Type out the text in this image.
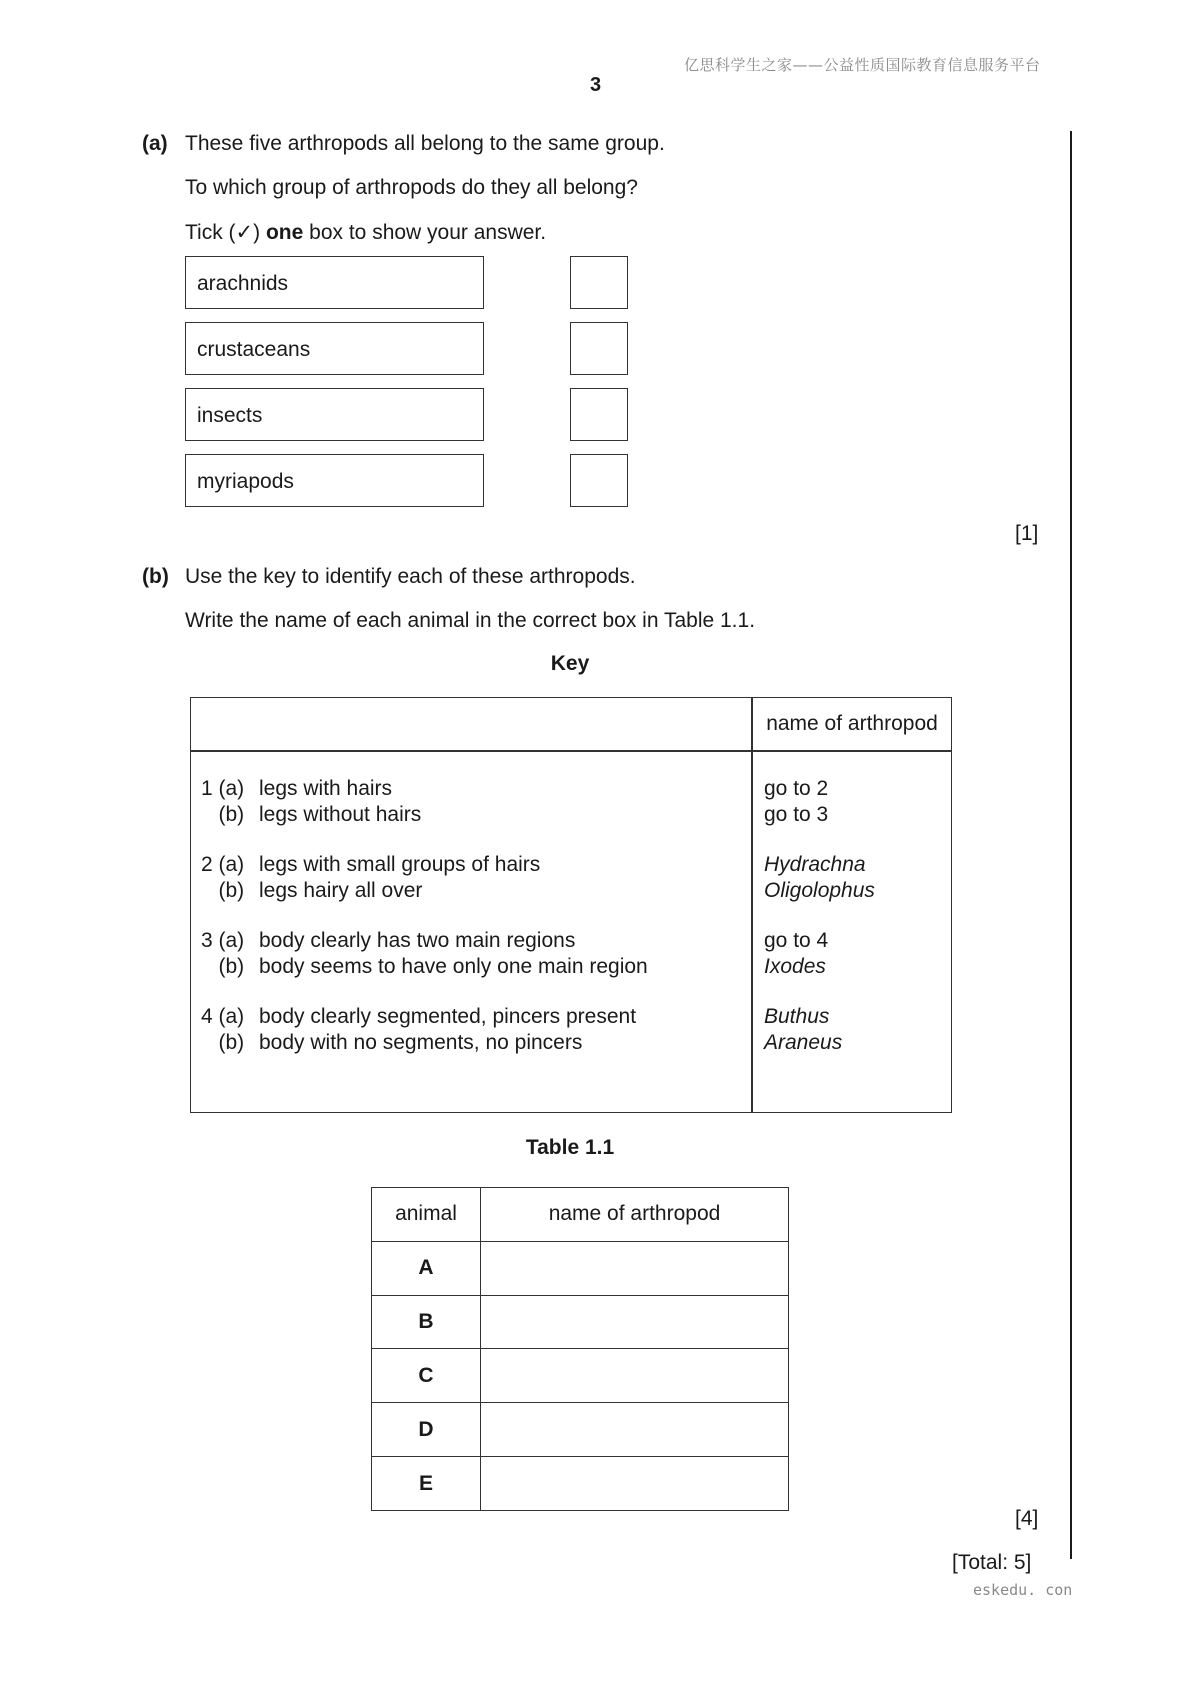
亿思科学生之家——公益性质国际教育信息服务平台
3
(a) These five arthropods all belong to the same group.
To which group of arthropods do they all belong?
Tick (✓) one box to show your answer.
arachnids
crustaceans
insects
myriapods
[1]
(b) Use the key to identify each of these arthropods.
Write the name of each animal in the correct box in Table 1.1.
Key
name of arthropod
1 (a) legs with hairs	go to 2
(b) legs without hairs	go to 3
2 (a) legs with small groups of hairs	Hydrachna
(b) legs hairy all over	Oligolophus
3 (a) body clearly has two main regions	go to 4
(b) body seems to have only one main region	Ixodes
4 (a) body clearly segmented, pincers present	Buthus
(b) body with no segments, no pincers	Araneus
Table 1.1
animal	name of arthropod
A	
B	
C	
D	
E	
[4]
[Total: 5]
eskedu. con
